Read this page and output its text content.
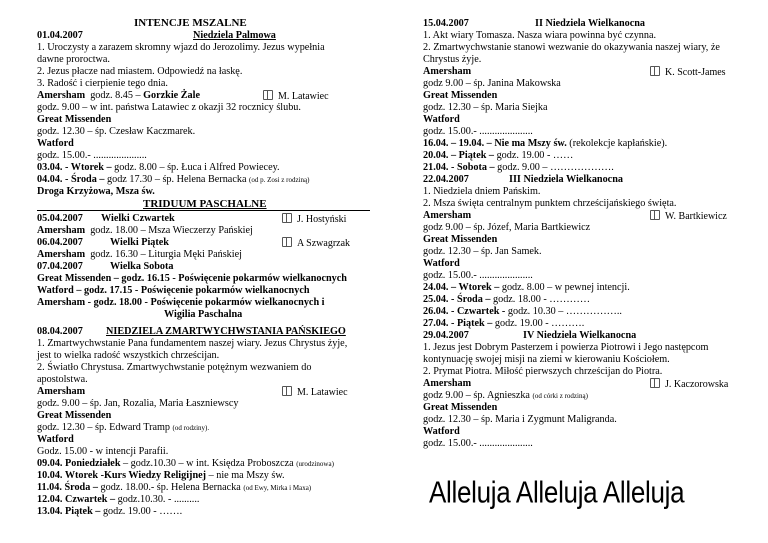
INTENCJE MSZALNE
01.04.2007	Niedziela Palmowa
1. Uroczysty a zarazem skromny wjazd do Jerozolimy. Jezus wypełnia
dawne proroctwa.
2. Jezus płacze nad miastem. Odpowiedź na łaskę.
3. Radość i cierpienie tego dnia.
Amersham godz. 8.45 – Gorzkie Żale	M. Latawiec
godz. 9.00 – w int. państwa Latawiec z okazji 32 rocznicy ślubu.
Great Missenden
godz. 12.30 – śp. Czesław Kaczmarek.
Watford
godz. 15.00.- .....................
03.04. - Wtorek – godz. 8.00 – śp. Łuca i Alfred Powiecey.
04.04. - Środa – godz 17.30 – śp. Helena Bernacka (od p. Zosi z rodziną)
Droga Krzyżowa, Msza św.
TRIDUUM PASCHALNE
05.04.2007 Wielki Czwartek	J. Hostyński
Amersham godz. 18.00 – Msza Wieczerzy Pańskiej
06.04.2007	Wielki Piątek	A Szwagrzak
Amersham godz. 16.30 – Liturgia Męki Pańskiej
07.04.2007	Wielka Sobota
Great Missenden – godz. 16.15 - Poświęcenie pokarmów wielkanocnych
Watford – godz. 17.15 - Poświęcenie pokarmów wielkanocnych
Amersham - godz. 18.00 - Poświęcenie pokarmów wielkanocnych i
Wigilia Paschalna
08.04.2007 NIEDZIELA ZMARTWYCHWSTANIA PAŃSKIEGO
1. Zmartwychwstanie Pana fundamentem naszej wiary. Jezus Chrystus żyje,
jest to wielka radość wszystkich chrześcijan.
2. Światło Chrystusa. Zmartwychwstanie potężnym wezwaniem do
apostolstwa.
Amersham	M. Latawiec
godz. 9.00 – śp. Jan, Rozalia, Maria Łaszniewscy
Great Missenden
godz. 12.30 – śp. Edward Tramp (od rodziny).
Watford
Godz. 15.00 - w intencji Parafii.
09.04. Poniedziałek – godz.10.30 – w int. Księdza Proboszcza (urodzinowa)
10.04. Wtorek -Kurs Wiedzy Religijnej – nie ma Mszy św.
11.04. Środa – godz. 18.00.- śp. Helena Bernacka (od Ewy, Mirka i Maxa)
12.04. Czwartek – godz.10.30. - ..........
13.04. Piątek – godz. 19.00 - …….
15.04.2007	II Niedziela Wielkanocna
1. Akt wiary Tomasza. Nasza wiara powinna być czynna.
2. Zmartwychwstanie stanowi wezwanie do okazywania naszej wiary, że
Chrystus żyje.
Amersham	K. Scott-James
godz 9.00 – śp. Janina Makowska
Great Missenden
godz. 12.30 – śp. Maria Siejka
Watford
godz. 15.00.- .....................
16.04. – 19.04. – Nie ma Mszy św. (rekolekcje kapłańskie).
20.04. – Piątek – godz. 19.00 - ……
21.04. - Sobota – godz. 9.00 – ……………….
22.04.2007	III Niedziela Wielkanocna
1. Niedziela dniem Pańskim.
2. Msza święta centralnym punktem chrześcijańskiego święta.
Amersham	W. Bartkiewicz
godz 9.00 – śp. Józef, Maria Bartkiewicz
Great Missenden
godz. 12.30 – śp. Jan Samek.
Watford
godz. 15.00.- .....................
24.04. – Wtorek – godz. 8.00 – w pewnej intencji.
25.04. - Środa – godz. 18.00 - …………
26.04. - Czwartek - godz. 10.30 – ……………..
27.04. - Piątek – godz. 19.00 - ……….
29.04.2007	IV Niedziela Wielkanocna
1. Jezus jest Dobrym Pasterzem i powierza Piotrowi i Jego następcom
kontynuację swojej misji na ziemi w kierowaniu Kościołem.
2. Prymat Piotra. Miłość pierwszych chrześcijan do Piotra.
Amersham	J. Kaczorowska
godz 9.00 – śp. Agnieszka (od córki z rodziną)
Great Missenden
godz. 12.30 – śp. Maria i Zygmunt Maligranda.
Watford
godz. 15.00.- .....................
Alleluja Alleluja Alleluja
